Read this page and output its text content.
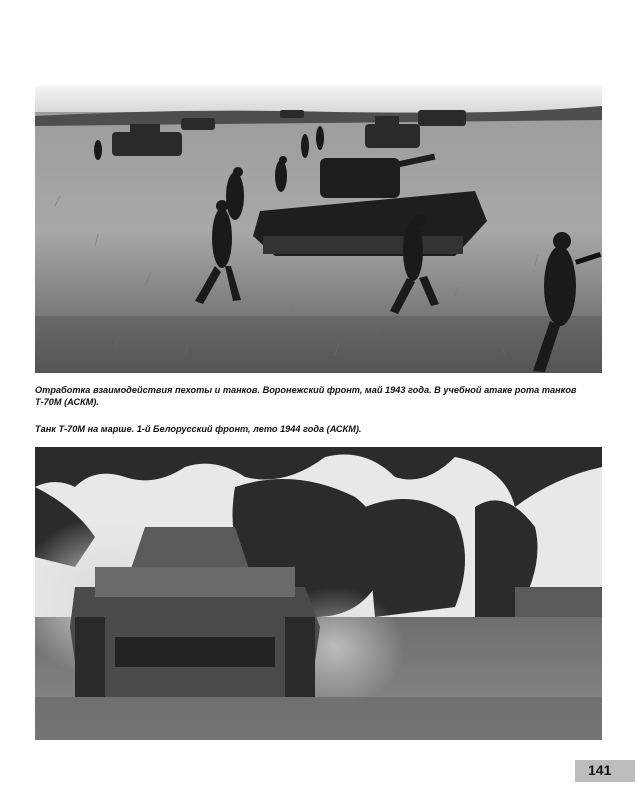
Отработка взаимодействия пехоты и танков. Воронежский фронт, май 1943 года. В учебной атаке рота танков Т-70М (АСКМ).

Танк Т-70М на марше. 1-й Белорусский фронт, лето 1944 года (АСКМ).

141
